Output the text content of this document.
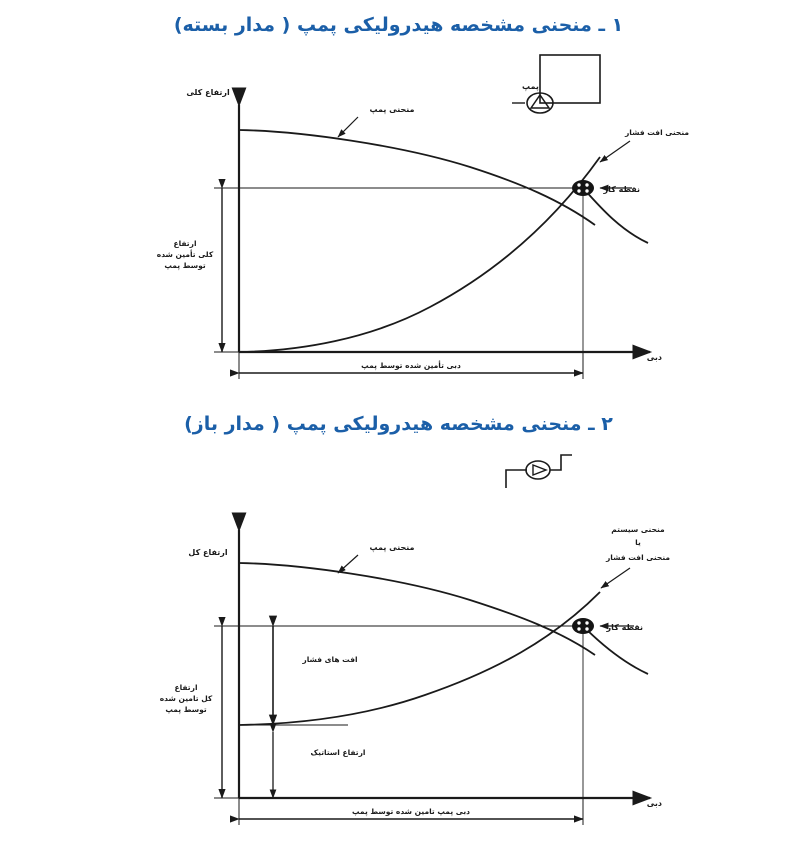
۱ ـ منحنی مشخصه هیدرولیکی پمپ ( مدار بسته)
پمپ
ارتفاع کلی
دبی
منحنی پمپ
منحنی افت فشار
نقطه کار
ارتفاع
کلی تأمین شده
توسط پمپ
دبی تأمین شده توسط پمپ
۲ ـ منحنی مشخصه هیدرولیکی پمپ ( مدار باز)
ارتفاع کل
دبی
منحنی پمپ
منحنی سیستم
یا
منحنی افت فشار
نقطه کار
ارتفاع
کل تامین شده
توسط پمپ
افت های فشار
ارتفاع استاتیک
دبی پمپ تامین شده توسط پمپ
